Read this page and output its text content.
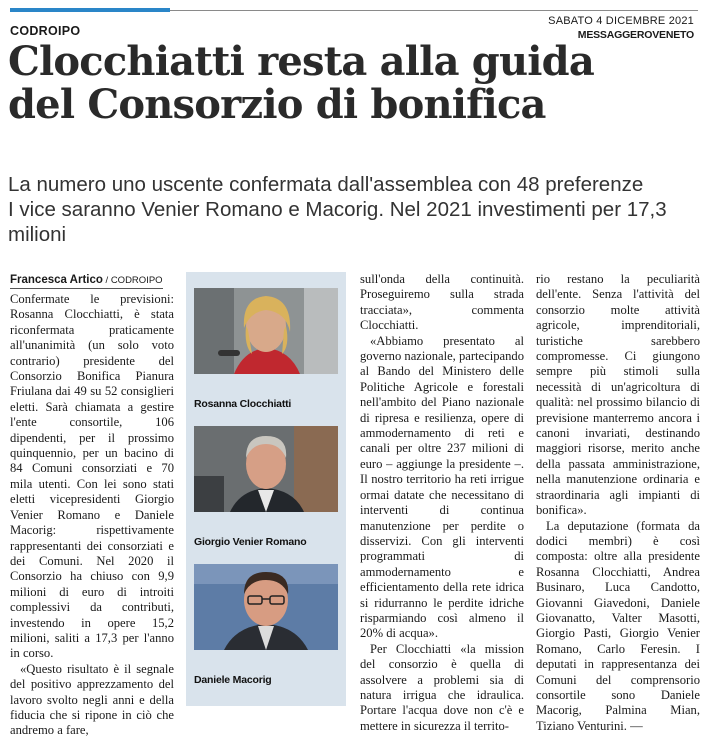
CODROIPO
SABATO 4 DICEMBRE 2021
MESSAGGEROVENETO
Clocchiatti resta alla guida
del Consorzio di bonifica
La numero uno uscente confermata dall'assemblea con 48 preferenze
I vice saranno Venier Romano e Macorig. Nel 2021 investimenti per 17,3 milioni
Francesca Artico / CODROIPO

Confermate le previsioni: Rosanna Clocchiatti, è stata riconfermata praticamente all'unanimità (un solo voto contrario) presidente del Consorzio Bonifica Pianura Friulana dai 49 su 52 consiglieri eletti. Sarà chiamata a gestire l'ente consortile, 106 dipendenti, per il prossimo quinquennio, per un bacino di 84 Comuni consorziati e 70 mila utenti. Con lei sono stati eletti vicepresidenti Giorgio Venier Romano e Daniele Macorig: rispettivamente rappresentanti dei consorziati e dei Comuni. Nel 2020 il Consorzio ha chiuso con 9,9 milioni di euro di introiti complessivi da contributi, investendo in opere 15,2 milioni, saliti a 17,3 per l'anno in corso.

«Questo risultato è il segnale del positivo apprezzamento del lavoro svolto negli anni e della fiducia che si ripone in ciò che andremo a fare,

Rosanna Clocchiatti
Giorgio Venier Romano
Daniele Macorig

sull'onda della continuità. Proseguiremo sulla strada tracciata», commenta Clocchiatti.

«Abbiamo presentato al governo nazionale, partecipando al Bando del Ministero delle Politiche Agricole e forestali nell'ambito del Piano nazionale di ripresa e resilienza, opere di ammodernamento di reti e canali per oltre 237 milioni di euro – aggiunge la presidente –. Il nostro territorio ha reti irrigue ormai datate che necessitano di interventi di continua manutenzione per perdite o disservizi. Con gli interventi programmati di ammodernamento e efficientamento della rete idrica si ridurranno le perdite idriche risparmiando così almeno il 20% di acqua».

Per Clocchiatti «la mission del consorzio è quella di assolvere a problemi sia di natura irrigua che idraulica. Portare l'acqua dove non c'è e mettere in sicurezza il territo-

rio restano la peculiarità dell'ente. Senza l'attività del consorzio molte attività agricole, imprenditoriali, turistiche sarebbero compromesse. Ci giungono sempre più stimoli sulla necessità di un'agricoltura di qualità: nel prossimo bilancio di previsione manterremo ancora i canoni invariati, destinando maggiori risorse, merito anche della passata amministrazione, nella manutenzione ordinaria e straordinaria agli impianti di bonifica».

La deputazione (formata da dodici membri) è così composta: oltre alla presidente Rosanna Clocchiatti, Andrea Businaro, Luca Candotto, Giovanni Giavedoni, Daniele Giovanatto, Valter Masotti, Giorgio Pasti, Giorgio Venier Romano, Carlo Feresin. I deputati in rappresentanza dei Comuni del comprensorio consortile sono Daniele Macorig, Palmina Mian, Tiziano Venturini. —
